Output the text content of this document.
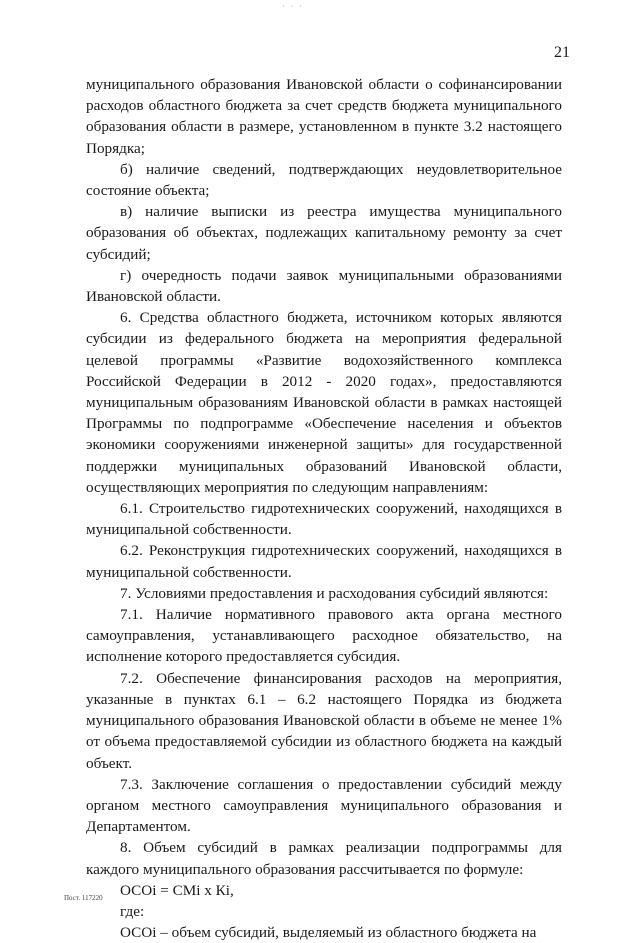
· · ·
21

муниципального образования Ивановской области о софинансировании расходов областного бюджета за счет средств бюджета муниципального образования области в размере, установленном в пункте 3.2 настоящего Порядка;

б) наличие сведений, подтверждающих неудовлетворительное состояние объекта;

в) наличие выписки из реестра имущества муниципального образования об объектах, подлежащих капитальному ремонту за счет субсидий;

г) очередность подачи заявок муниципальными образованиями Ивановской области.

6. Средства областного бюджета, источником которых являются субсидии из федерального бюджета на мероприятия федеральной целевой программы «Развитие водохозяйственного комплекса Российской Федерации в 2012 - 2020 годах», предоставляются муниципальным образованиям Ивановской области в рамках настоящей Программы по подпрограмме «Обеспечение населения и объектов экономики сооружениями инженерной защиты» для государственной поддержки муниципальных образований Ивановской области, осуществляющих мероприятия по следующим направлениям:

6.1. Строительство гидротехнических сооружений, находящихся в муниципальной собственности.

6.2. Реконструкция гидротехнических сооружений, находящихся в муниципальной собственности.

7. Условиями предоставления и расходования субсидий являются:

7.1. Наличие нормативного правового акта органа местного самоуправления, устанавливающего расходное обязательство, на исполнение которого предоставляется субсидия.

7.2. Обеспечение финансирования расходов на мероприятия, указанные в пунктах 6.1 – 6.2 настоящего Порядка из бюджета муниципального образования Ивановской области в объеме не менее 1% от объема предоставляемой субсидии из областного бюджета на каждый объект.

7.3. Заключение соглашения о предоставлении субсидий между органом местного самоуправления муниципального образования и Департаментом.

8. Объем субсидий в рамках реализации подпрограммы для каждого муниципального образования рассчитывается по формуле:

ОСОi = СМi x Кi,

где:

ОСОi – объем субсидий, выделяемый из областного бюджета на

Пост. 117220
